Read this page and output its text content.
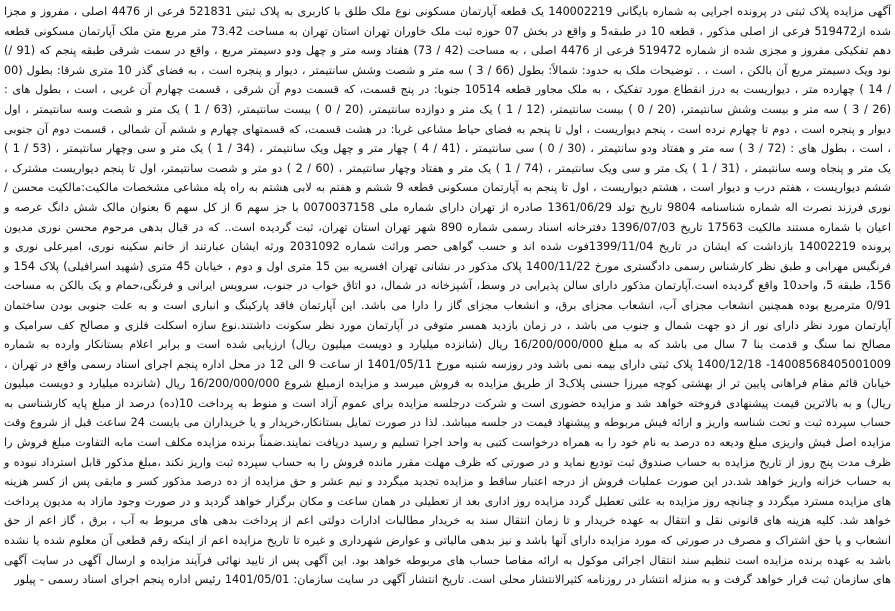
آگهی مزایده پلاک ثبتی در پرونده اجرایی به شماره بایگانی 140002219 یک قطعه آپارتمان مسکونی نوع ملک طلق با کاربری به پلاک ثبتی 521831 فرعی از 4476 اصلی ، مفروز و مجزا شده از519472 فرعی از اصلی مذکور ، قطعه 10 در طبقه5 و واقع در بخش 07 حوزه ثبت ملک خاوران تهران استان تهران به مساحت 73.42 متر مربع متن ملک آپارتمان مسکونی قطعه دهم تفکیکی مفروز و مجزی شده از شماره 519472 فرعی از 4476 اصلی ، به مساحت (42 / 73) هفتاد وسه متر و چهل ودو دسیمتر مربع ، واقع در سمت شرقی طبقه پنجم که (91 /) نود ویک دسیمتر مربع آن بالکن ، است ، . توضیحات ملک به حدود: شمالاً: بطول (66 / 3 ) سه متر و شصت وشش سانتیمتر ، دیوار و پنجره است ، به فضای گذر 10 متری شرقا: بطول (00 / 14 ) چهارده متر ، دیواریست به درز انقطاع مورد تفکیک ، به ملک مجاور قطعه 10514 جنوبا: در پنج قسمت، که قسمت دوم آن شرقی ، قسمت چهارم آن غربی ، است ، بطول های : (26 / 3 ) سه متر و بیست وشش سانتیمتر، (20 / 0 ) بیست سانتیمتر، (12 / 1 ) یک متر و دوازده سانتیمتر، (20 / 0 ) بیست سانتیمتر، (63 / 1 ) یک متر و شصت وسه سانتیمتر ، اول دیوار و پنجره است ، دوم تا چهارم نرده است ، پنجم دیواریست ، اول تا پنجم به فضای حیاط مشاعی غربا: در هشت قسمت، که قسمتهای چهارم و ششم آن شمالی ، قسمت دوم آن جنوبی ، است ، بطول های : (72 / 3 ) سه متر و هفتاد ودو سانتیمتر ، (30 / 0 ) سی سانتیمتر ، (41 / 4 ) چهار متر و چهل ویک سانتیمتر ، (34 / 1 ) یک متر و سی وچهار سانتیمتر ، (53 / 1 ) یک متر و پنجاه وسه سانتیمتر ، (31 / 1 ) یک متر و سی ویک سانتیمتر ، (74 / 1 ) یک متر و هفتاد وچهار سانتیمتر ، (60 / 2 ) دو متر و شصت سانتیمتر، اول تا پنجم دیواریست مشترک ، ششم دیواریست ، هفتم درب و دیوار است ، هشتم دیواریست ، اول تا پنجم به آپارتمان مسکونی قطعه 9 ششم و هفتم به لابی هشتم به راه پله مشاعی مشخصات مالکیت:مالکیت محسن / نوری فرزند نصرت اله شماره شناسنامه 9804 تاریخ تولد 1361/06/29 صادره از تهران دارای شماره ملی 0070037158 با جز سهم 6 از کل سهم 6 بعنوان مالک شش دانگ عرصه و اعیان با شماره مستند مالکیت 17563 تاریخ 1396/07/03 دفترخانه اسناد رسمی شماره 890 شهر تهران استان تهران، ثبت گردیده است.. که در قبال بدهی مرحوم محسن نوری مدیون پرونده 14002219 بازداشت که ایشان در تاریخ 1399/11/04فوت شده اند و حسب گواهی حصر وراثت شماره 2031092 ورثه ایشان عبارتند از خانم سکینه نوری، امیرعلی نوری و فرنگیس مهرابی و طبق نظر کارشناس رسمی دادگستری مورخ 1400/11/22 پلاک مذکور در نشانی تهران افسریه بین 15 متری اول و دوم ، خیابان 45 متری (شهید اسرافیلی) پلاک 154 و 156، طبقه 5، واحد10 واقع گردیده است.آپارتمان مذکور دارای سالن پذیرایی در وسط، آشپزخانه در شمال، دو اتاق خواب در جنوب، سرویس ایرانی و فرنگی،حمام و یک بالکن به مساحت 0/91 مترمربع بوده همچنین انشعاب مجزای آب، انشعاب مجزای برق، و انشعاب مجزای گاز را دارا می باشد. این آپارتمان فاقد پارکینگ و انباری است و به علت جنوبی بودن ساختمان آپارتمان مورد نظر دارای نور از دو جهت شمال و جنوب می باشد ، در زمان بازدید همسر متوفی در آپارتمان مورد نظر سکونت داشتند.نوع سازه اسکلت فلزی و مصالح کف سرامیک و مصالح نما سنگ و قدمت بنا 7 سال می باشد که به مبلغ 16/200/000/000 ریال (شانزده میلیارد و دویست میلیون ریال) ارزیابی شده است و برابر اعلام بستانکار وارده به شماره 14008568405001009- 1400/12/18 پلاک ثبتی دارای بیمه نمی باشد ودر روزسه شنبه مورخ 1401/05/11 از ساعت 9 الی 12 در محل اداره پنجم اجرای اسناد رسمی واقع در تهران ، خیابان قائم مقام فراهانی پایین تر از بهشتی کوچه میرزا حسنی پلاک3 از طریق مزایده به فروش میرسد و مزایده ازمبلغ شروع 16/200/000/000 ریال (شانزده میلیارد و دویست میلیون ریال) و به بالاترین قیمت پیشنهادی فروخته خواهد شد و مزایده حضوری است و شرکت درجلسه مزایده برای عموم آزاد است و منوط به پرداخت 10(ده) درصد از مبلغ پایه کارشناسی به حساب سپرده ثبت و تحت شناسه واریز و ارائه فیش مربوطه و پیشنهاد قیمت در جلسه میباشد. لذا در صورت تمایل بستانکار،خریدار و یا خریداران می بایست 24 ساعت قبل از شروع وقت مزایده اصل فیش واریزی مبلغ ودیعه ده درصد به نام خود را به همراه درخواست کتبی به واحد اجرا تسلیم و رسید دریافت نمایند.ضمناً برنده مزایده مکلف است مابه التفاوت مبلغ فروش را ظرف مدت پنج روز از تاریخ مزایده به حساب صندوق ثبت تودیع نماید و در صورتی که ظرف مهلت مقرر مانده فروش را به حساب سپرده ثبت واریز نکند ،مبلغ مذکور قابل استرداد نبوده و به حساب خزانه واریز خواهد شد.در این صورت عملیات فروش از درجه اعتبار ساقط و مزایده تجدید میگردد و نیم عشر و حق مزایده از ده درصد مذکور کسر و مابقی پس از کسر هزینه های مزایده مسترد میگردد و چنانچه روز مزایده به علتی تعطیل گردد مزایده روز اداری بعد از تعطیلی در همان ساعت و مکان برگزار خواهد گردید و در صورت وجود مازاد به مدیون پرداخت خواهد شد. کلیه هزینه های قانونی نقل و انتقال به عهده خریدار و تا زمان انتقال سند به خریدار مطالبات ادارات دولتی اعم از پرداخت بدهی های مربوط به آب ، برق ، گاز اعم از حق انشعاب و یا حق اشتراک و مصرف در صورتی که مورد مزایده دارای آنها باشد و نیز بدهی مالیاتی و عوارض شهرداری و غیره تا تاریخ مزایده اعم از اینکه رقم قطعی آن معلوم شده یا نشده باشد به عهده برنده مزایده است تنظیم سند انتقال اجرائی موکول به ارائه مفاصا حساب های مربوطه خواهد بود. این آگهی پس از تایید نهائی فرآیند مزایده و ارسال آگهی در سایت آگهی های سازمان ثبت قرار خواهد گرفت و به منزله انتشار در روزنامه کثیرالانتشار محلی است. تاریخ انتشار آگهی در سایت سازمان: 1401/05/01 رئیس اداره پنجم اجرای اسناد رسمی - پیلور
